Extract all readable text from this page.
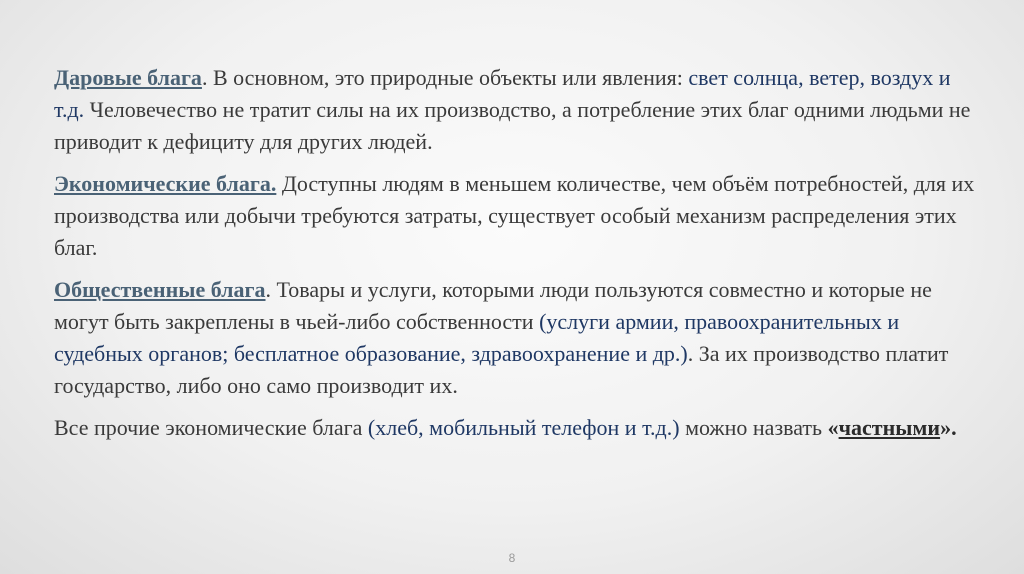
Даровые блага. В основном, это природные объекты или явления: свет солнца, ветер, воздух и т.д. Человечество не тратит силы на их производство, а потребление этих благ одними людьми не приводит к дефициту для других людей.

Экономические блага. Доступны людям в меньшем количестве, чем объём потребностей, для их производства или добычи требуются затраты, существует особый механизм распределения этих благ.

Общественные блага. Товары и услуги, которыми люди пользуются совместно и которые не могут быть закреплены в чьей-либо собственности (услуги армии, правоохранительных и судебных органов; бесплатное образование, здравоохранение и др.). За их производство платит государство, либо оно само производит их.

Все прочие экономические блага (хлеб, мобильный телефон и т.д.) можно назвать «частными».

8
